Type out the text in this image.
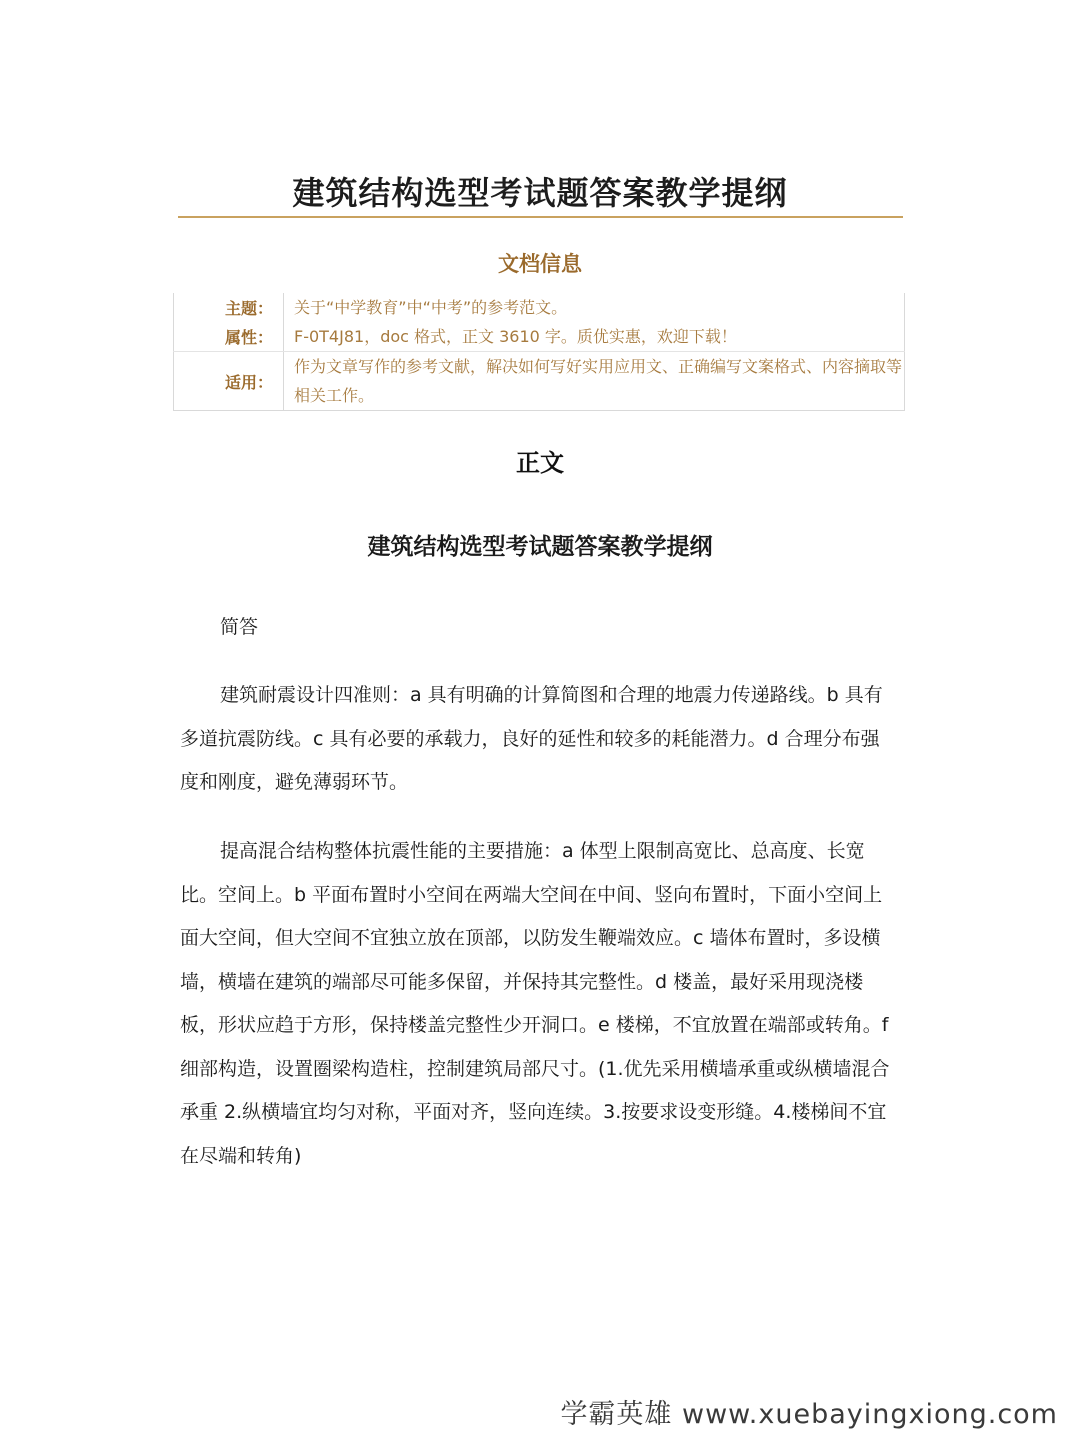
建筑结构选型考试题答案教学提纲
文档信息
主题：	关于“中学教育”中“中考”的参考范文。
属性：	F-0T4J81，doc 格式，正文 3610 字。质优实惠，欢迎下载！
适用：	作为文章写作的参考文献，解决如何写好实用应用文、正确编写文案格式、内容摘取等相关工作。
正文
建筑结构选型考试题答案教学提纲
简答

建筑耐震设计四准则：a 具有明确的计算简图和合理的地震力传递路线。b 具有多道抗震防线。c 具有必要的承载力，良好的延性和较多的耗能潜力。d 合理分布强度和刚度，避免薄弱环节。

提高混合结构整体抗震性能的主要措施：a 体型上限制高宽比、总高度、长宽比。空间上。b 平面布置时小空间在两端大空间在中间、竖向布置时，下面小空间上面大空间，但大空间不宜独立放在顶部，以防发生鞭端效应。c 墙体布置时，多设横墙，横墙在建筑的端部尽可能多保留，并保持其完整性。d 楼盖，最好采用现浇楼板，形状应趋于方形，保持楼盖完整性少开洞口。e 楼梯，不宜放置在端部或转角。f 细部构造，设置圈梁构造柱，控制建筑局部尺寸。(1.优先采用横墙承重或纵横墙混合承重 2.纵横墙宜均匀对称，平面对齐，竖向连续。3.按要求设变形缝。4.楼梯间不宜在尽端和转角)

学霸英雄 www.xuebayingxiong.com
